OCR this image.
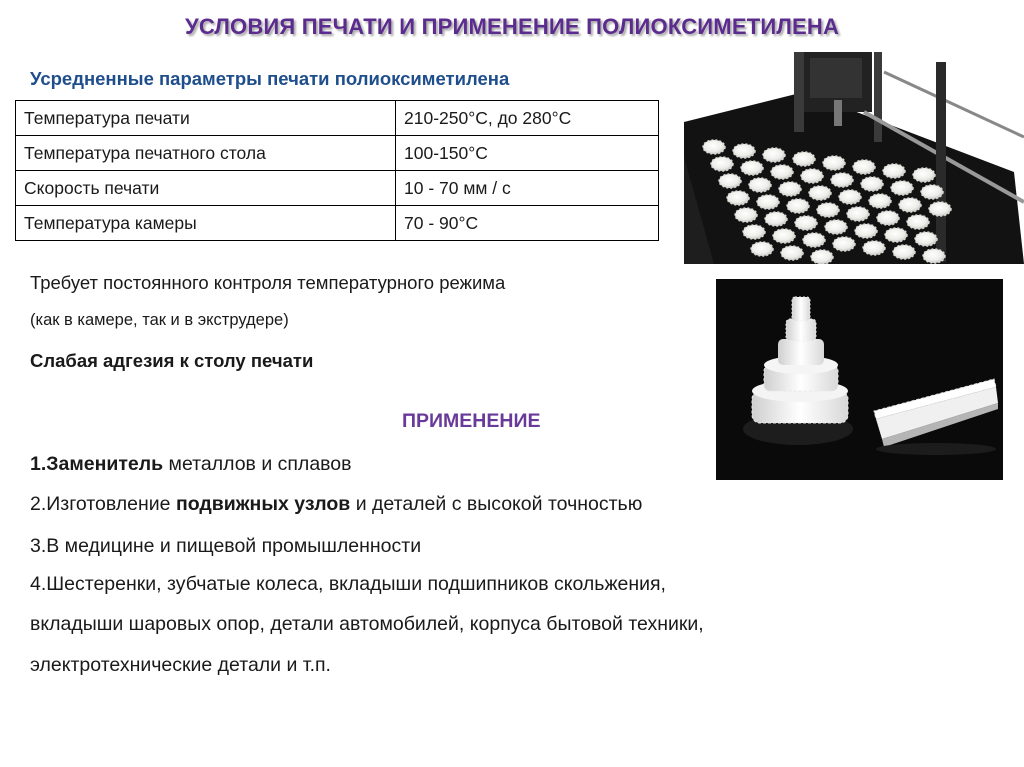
УСЛОВИЯ ПЕЧАТИ И ПРИМЕНЕНИЕ ПОЛИОКСИМЕТИЛЕНА
Усредненные параметры печати полиоксиметилена
Температура печати	210-250°С, до 280°С
Температура печатного стола	100-150°С
Скорость печати	10 - 70 мм / с
Температура камеры	70 - 90°С
Требует постоянного контроля температурного режима
(как в камере, так и в экструдере)
Слабая адгезия к столу печати
ПРИМЕНЕНИЕ
1.Заменитель металлов и сплавов
2.Изготовление подвижных узлов и деталей с высокой точностью
3.В медицине и пищевой промышленности
4.Шестеренки, зубчатые колеса, вкладыши подшипников скольжения,
вкладыши шаровых опор, детали автомобилей, корпуса бытовой техники,
электротехнические детали и т.п.
